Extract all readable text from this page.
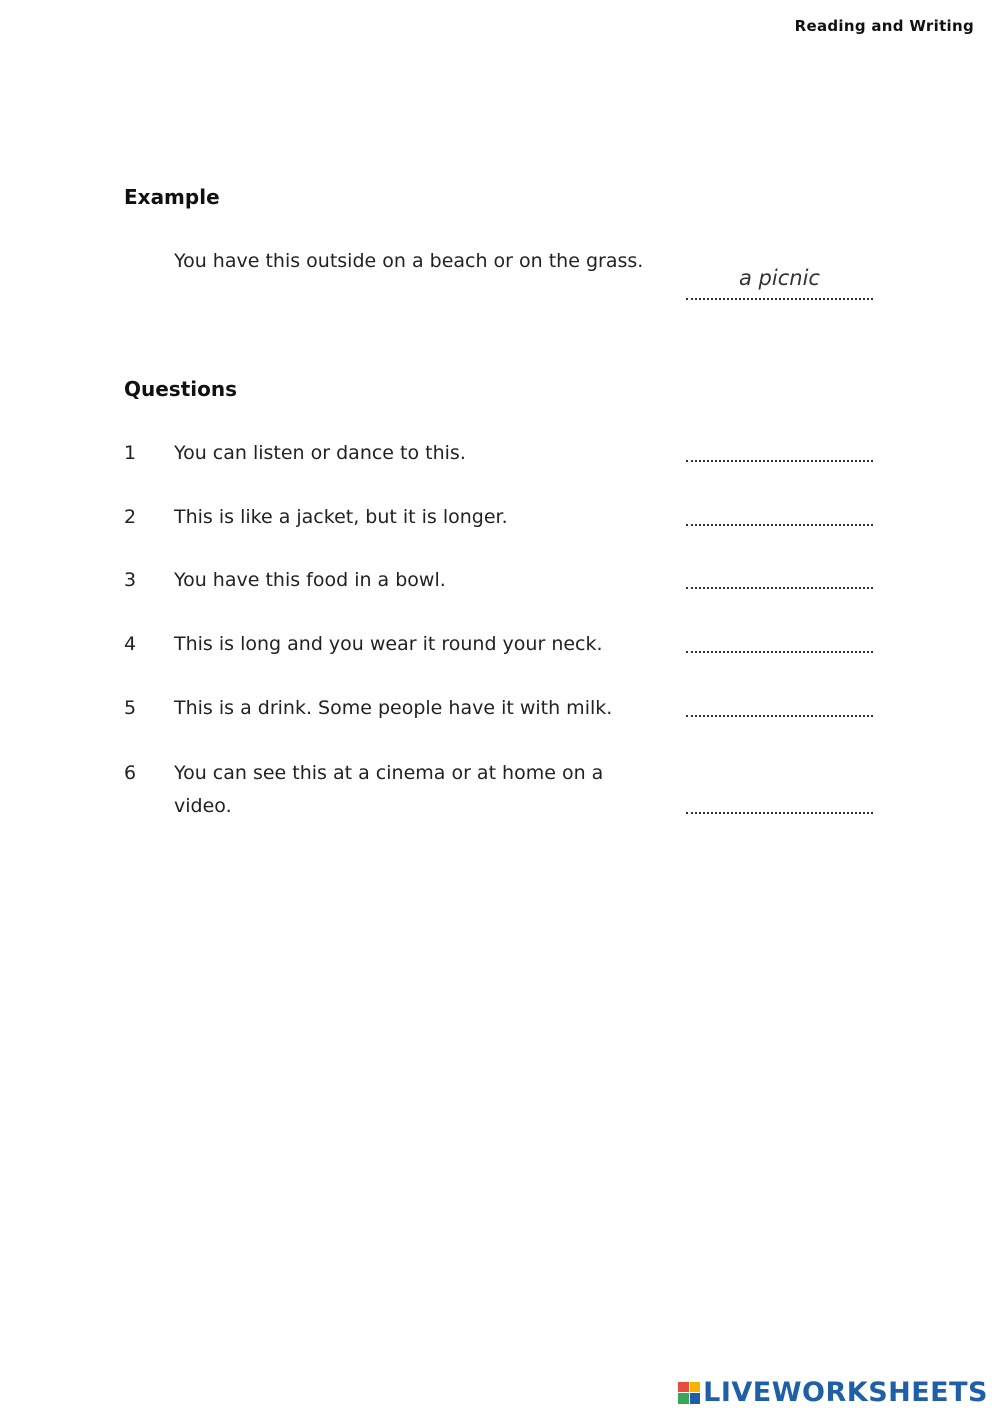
Reading and Writing
Example
You have this outside on a beach or on the grass.
a picnic
Questions
1 You can listen or dance to this.
2 This is like a jacket, but it is longer.
3 You have this food in a bowl.
4 This is long and you wear it round your neck.
5 This is a drink. Some people have it with milk.
6 You can see this at a cinema or at home on a video.
LIVEWORKSHEETS
